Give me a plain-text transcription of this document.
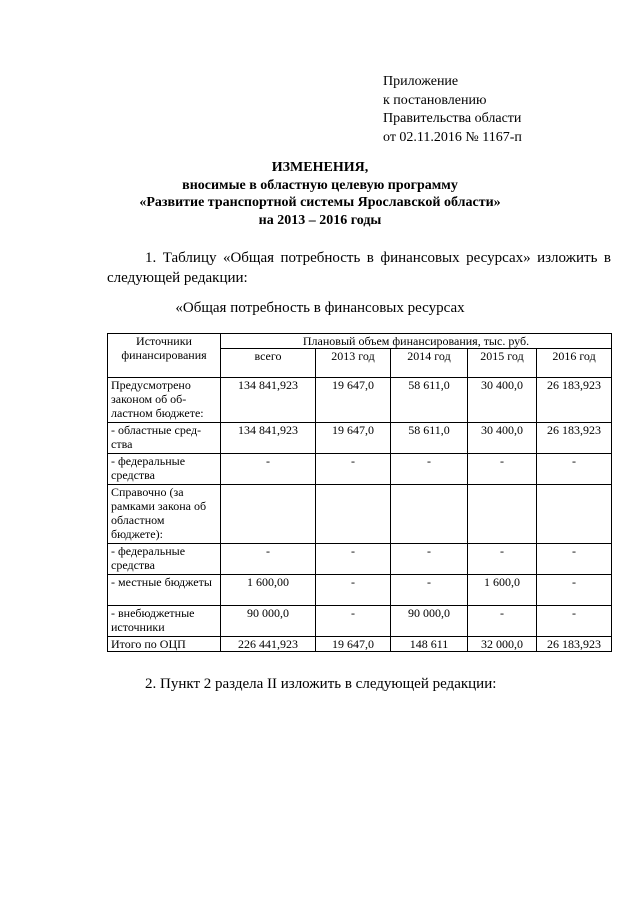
Приложение
к постановлению
Правительства области
от 02.11.2016 № 1167-п
ИЗМЕНЕНИЯ,
вносимые в областную целевую программу
«Развитие транспортной системы Ярославской области»
на 2013 – 2016 годы
1. Таблицу «Общая потребность в финансовых ресурсах» изложить в следующей редакции:
«Общая потребность в финансовых ресурсах
Источники финансирования	Плановый объем финансирования, тыс. руб.				
	всего	2013 год	2014 год	2015 год	2016 год
Предусмотрено законом об областном бюджете:	134 841,923	19 647,0	58 611,0	30 400,0	26 183,923
- областные средства	134 841,923	19 647,0	58 611,0	30 400,0	26 183,923
- федеральные средства	-	-	-	-	-
Справочно (за рамками закона об областном бюджете):					
- федеральные средства	-	-	-	-	-
- местные бюджеты	1 600,00	-	-	1 600,0	-
- внебюджетные источники	90 000,0	-	90 000,0	-	-
Итого по ОЦП	226 441,923	19 647,0	148 611	32 000,0	26 183,923
2. Пункт 2 раздела II изложить в следующей редакции:
